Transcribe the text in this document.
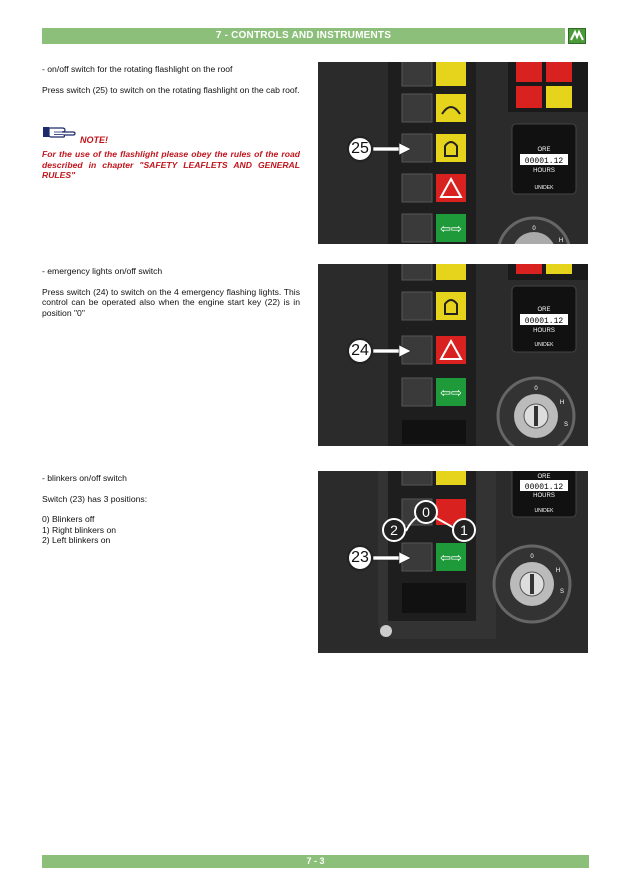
7 - CONTROLS AND INSTRUMENTS

- on/off switch for the rotating flashlight on the roof

Press switch (25) to switch on the rotating flashlight on the cab roof.

NOTE!

For the use of the flashlight please obey the rules of the road described in chapter "SAFETY LEAFLETS AND GENERAL RULES"

⇦⇨
ORE
00001.12
HOURS
UNIDEK
0
H
25

- emergency lights on/off switch

Press switch (24) to switch on the 4 emergency flashing lights. This control can be operated also when the engine start key (22) is in position "0"

⇦⇨
ORE
00001.12
HOURS
UNIDEK
0
H
S
24

- blinkers on/off switch

Switch (23) has 3 positions:

0) Blinkers off

1) Right blinkers on

2) Left blinkers on

⇦⇨
ORE
00001.12
HOURS
UNIDEK
0
H
S
0
1
2
23
7 - 3
